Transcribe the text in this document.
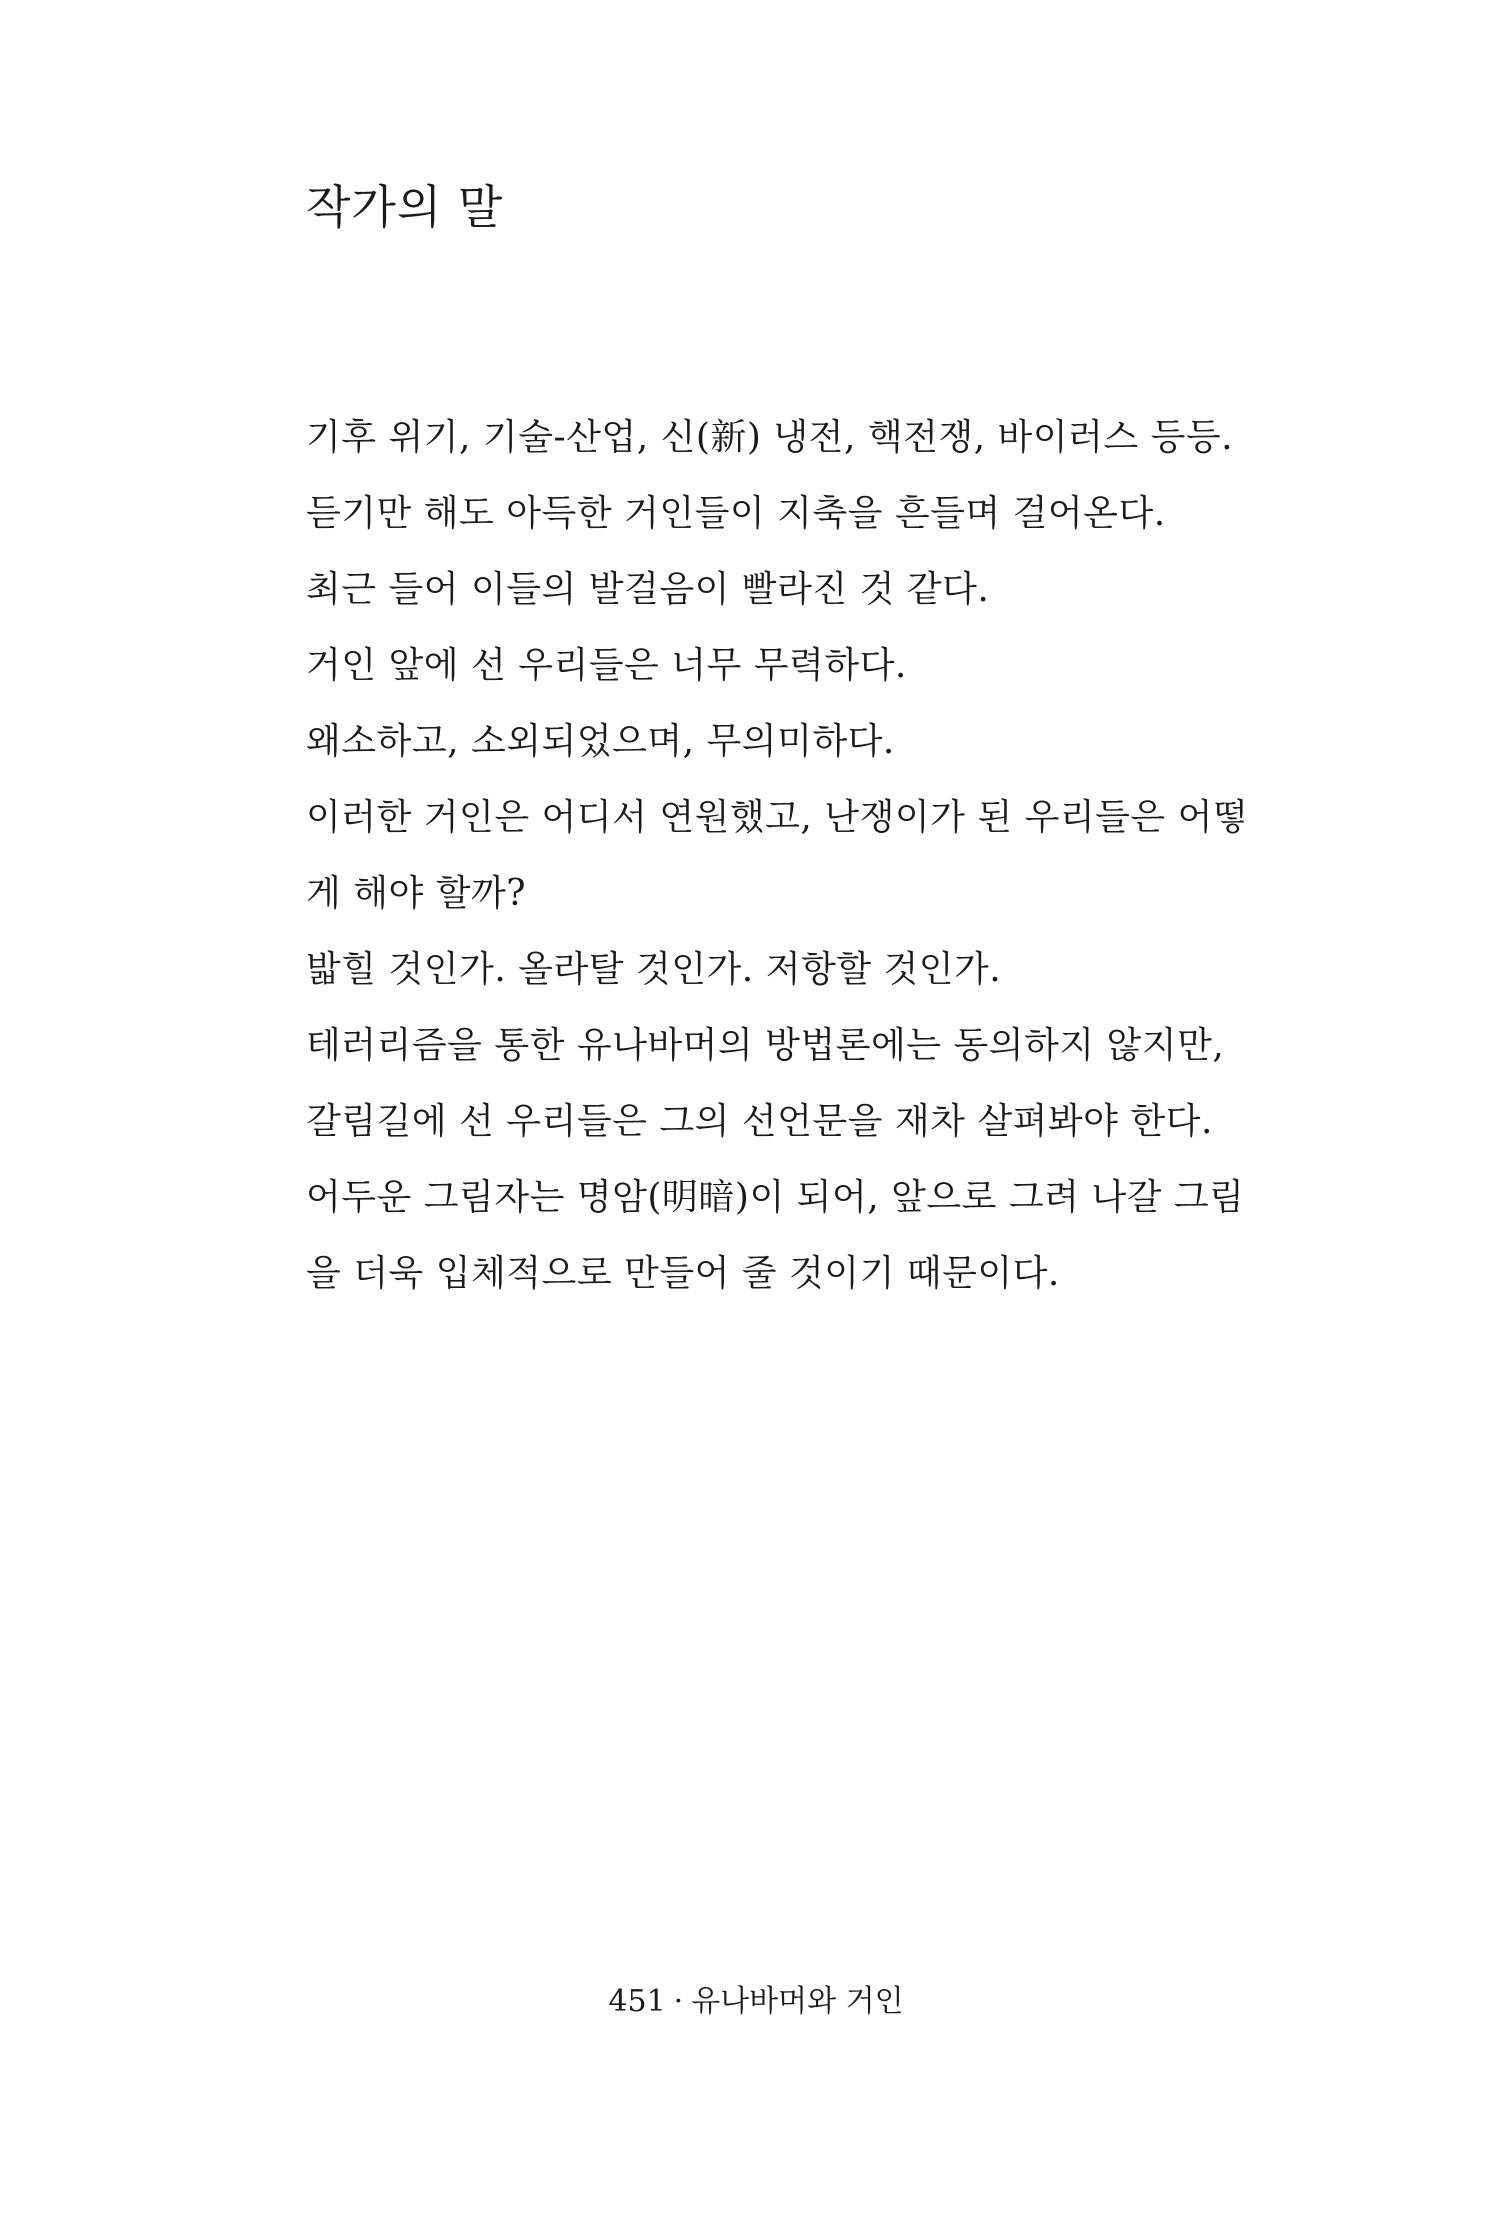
작가의 말
기후 위기, 기술-산업, 신(新) 냉전, 핵전쟁, 바이러스 등등.
듣기만 해도 아득한 거인들이 지축을 흔들며 걸어온다.
최근 들어 이들의 발걸음이 빨라진 것 같다.
거인 앞에 선 우리들은 너무 무력하다.
왜소하고, 소외되었으며, 무의미하다.
이러한 거인은 어디서 연원했고, 난쟁이가 된 우리들은 어떻
게 해야 할까?
밟힐 것인가. 올라탈 것인가. 저항할 것인가.
테러리즘을 통한 유나바머의 방법론에는 동의하지 않지만,
갈림길에 선 우리들은 그의 선언문을 재차 살펴봐야 한다.
어두운 그림자는 명암(明暗)이 되어, 앞으로 그려 나갈 그림
을 더욱 입체적으로 만들어 줄 것이기 때문이다.
451 · 유나바머와 거인
